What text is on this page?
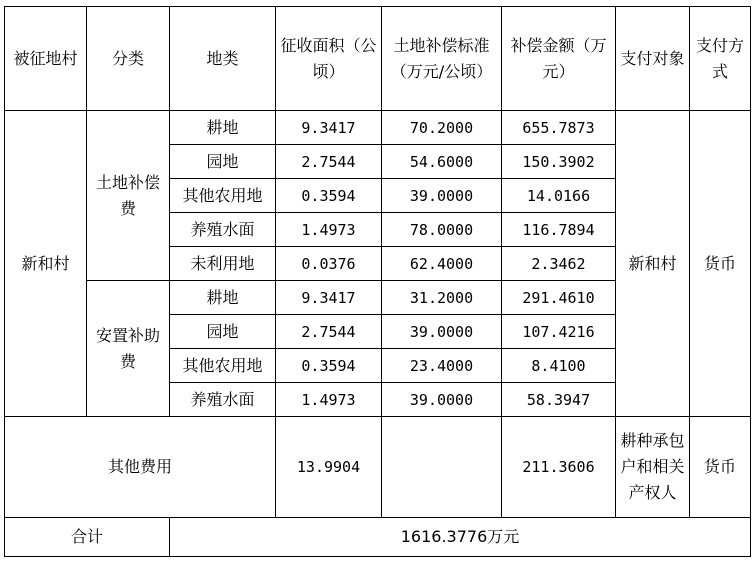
被征地村	分类	地类	征收面积（公顷）	土地补偿标准（万元/公顷）	补偿金额（万元）	支付对象	支付方式
新和村	土地补偿费	耕地	9.3417	70.2000	655.7873	新和村	货币
		园地	2.7544	54.6000	150.3902		
		其他农用地	0.3594	39.0000	14.0166		
		养殖水面	1.4973	78.0000	116.7894		
		未利用地	0.0376	62.4000	2.3462		
	安置补助费	耕地	9.3417	31.2000	291.4610		
		园地	2.7544	39.0000	107.4216		
		其他农用地	0.3594	23.4000	8.4100		
		养殖水面	1.4973	39.0000	58.3947		
其他费用			13.9904		211.3606	耕种承包户和相关产权人	货币
合计		1616.3776万元					
